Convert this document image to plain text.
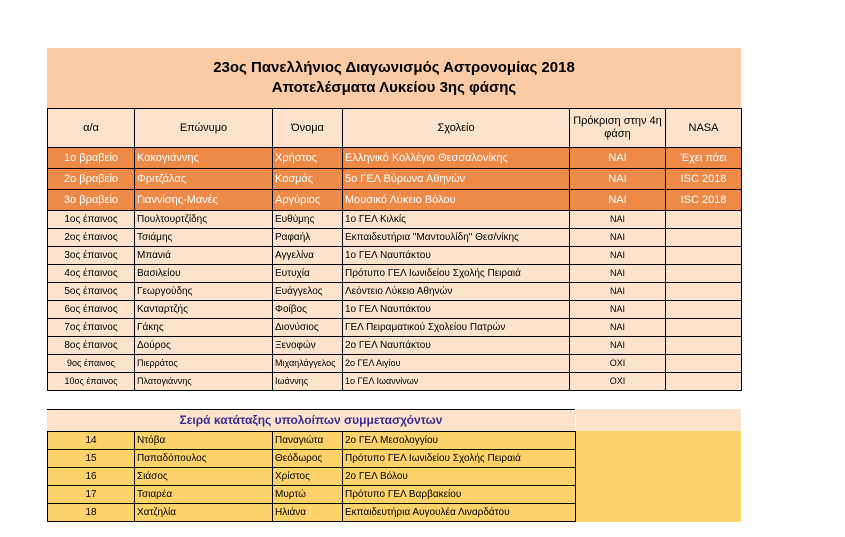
23ος Πανελλήνιος Διαγωνισμός Αστρονομίας 2018
Αποτελέσματα Λυκείου 3ης φάσης
α/α	Επώνυμο	Όνομα	Σχολείο	Πρόκριση στην 4η φάση	NASA
1ο βραβείο	Κακογιάννης	Χρήστος	Ελληνικό Κολλέγιο Θεσσαλονίκης	ΝΑΙ	Έχει πάει
2ο βραβείο	Φριτζάλας	Κοσμάς	5ο ΓΕΛ Βύρωνα Αθηνών	ΝΑΙ	ISC 2018
3ο βραβείο	Γιαννίσης-Μανές	Αργύριος	Μουσικό Λύκειο Βόλου	ΝΑΙ	ISC 2018
1ος έπαινος	Πουλτουρτζίδης	Ευθύμης	1ο ΓΕΛ Κιλκίς	ΝΑΙ	
2ος έπαινος	Τσιάμης	Ραφαήλ	Εκπαιδευτήρια "Μαντουλίδη" Θεσ/νίκης	ΝΑΙ	
3ος έπαινος	Μπανιά	Αγγελίνα	1ο ΓΕΛ Ναυπάκτου	ΝΑΙ	
4ος έπαινος	Βασιλείου	Ευτυχία	Πρότυπο ΓΕΛ Ιωνιδείου Σχολής Πειραιά	ΝΑΙ	
5ος έπαινος	Γεωργούδης	Ευάγγελος	Λεόντειο Λύκειο Αθηνών	ΝΑΙ	
6ος έπαινος	Κανταρτζής	Φοίβος	1ο ΓΕΛ Ναυπάκτου	ΝΑΙ	
7ος έπαινος	Γάκης	Διονύσιος	ΓΕΛ Πειραματικού Σχολείου Πατρών	ΝΑΙ	
8ος έπαινος	Δούρος	Ξενοφών	2ο ΓΕΛ Ναυπάκτου	ΝΑΙ	
9ος έπαινος	Πιερράτος	Μιχαηλάγγελος	2ο ΓΕΛ Αιγίου	ΟΧΙ	
10ος έπαινος	Πλατογιάννης	Ιωάννης	1ο ΓΕΛ Ιωαννίνων	ΟΧΙ	
Σειρά κατάταξης υπολοίπων συμμετασχόντων
14	Ντόβα	Παναγιώτα	2ο ΓΕΛ Μεσολογγίου
15	Παπαδόπουλος	Θεόδωρος	Πρότυπο ΓΕΛ Ιωνιδείου Σχολής Πειραιά
16	Σιάσος	Χρίστος	2ο ΓΕΛ Βόλου
17	Τσιαρέα	Μυρτώ	Πρότυπο ΓΕΛ Βαρβακείου
18	Χατζηλία	Ηλιάνα	Εκπαιδευτήρια Αυγουλέα Λιναρδάτου
